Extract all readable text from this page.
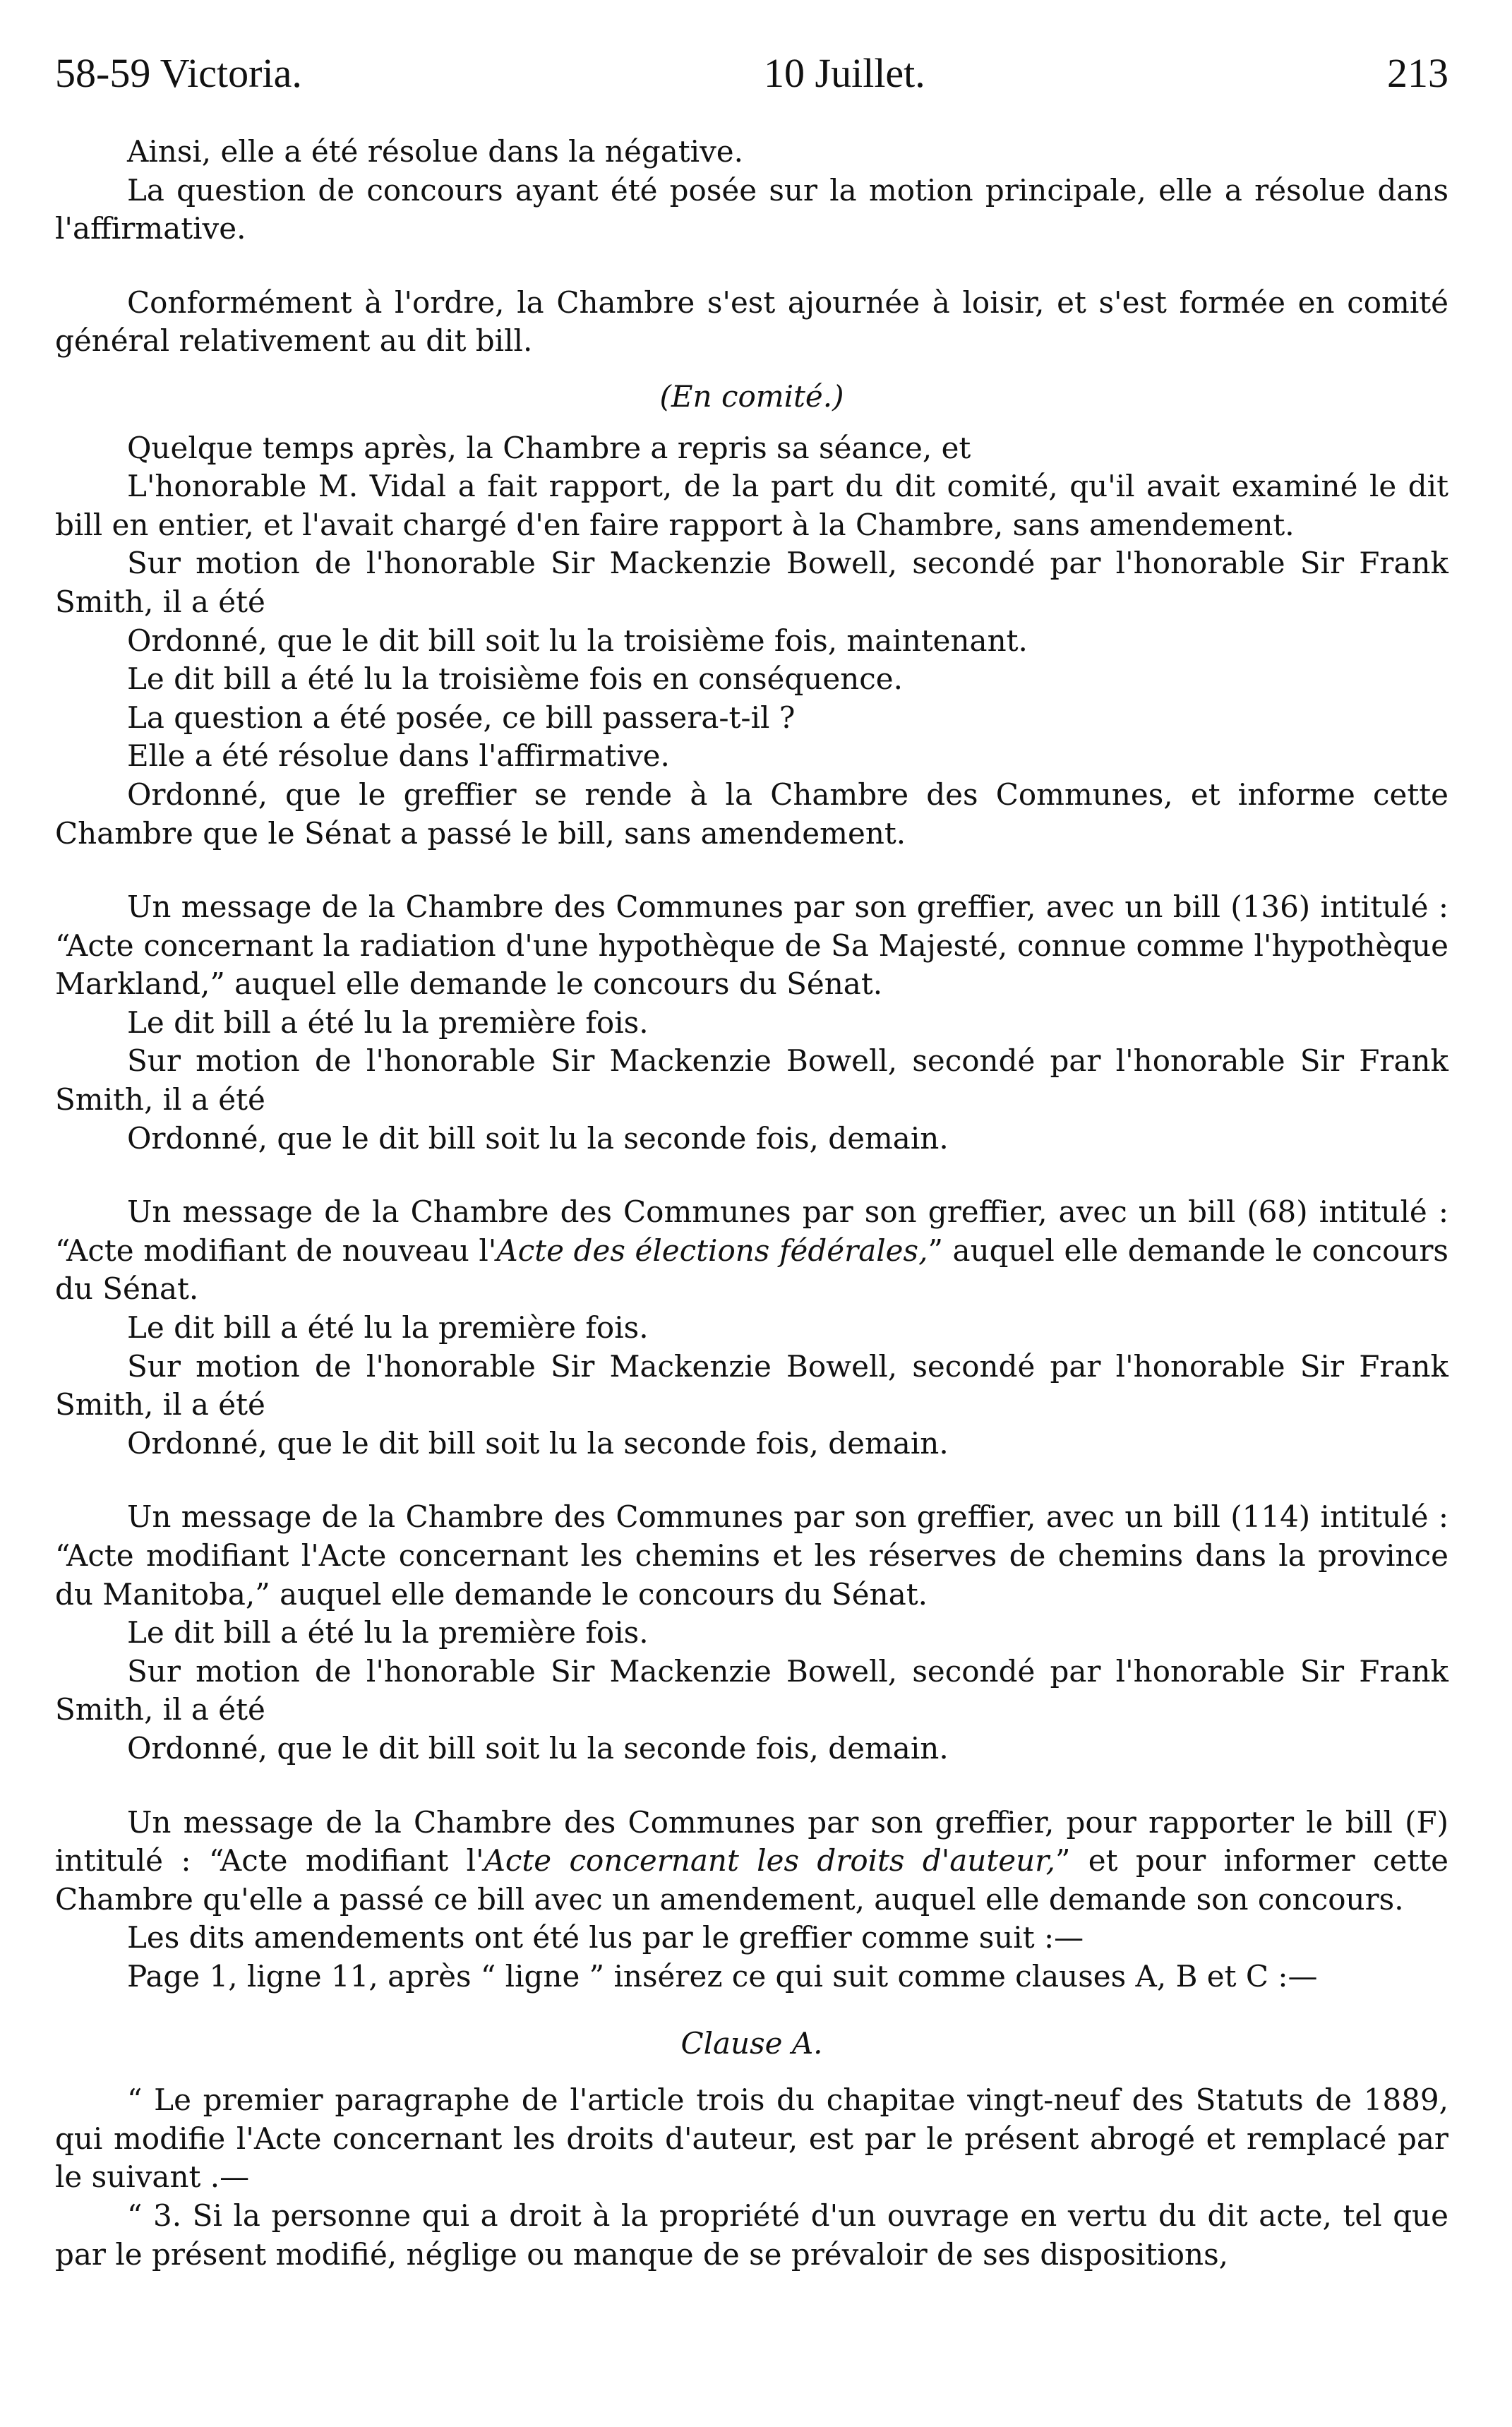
58-59 Victoria.	10 Juillet.	213

Ainsi, elle a été résolue dans la négative.

La question de concours ayant été posée sur la motion principale, elle a résolue dans l'affirmative.

Conformément à l'ordre, la Chambre s'est ajournée à loisir, et s'est formée en comité général relativement au dit bill.

(En comité.)

Quelque temps après, la Chambre a repris sa séance, et

L'honorable M. Vidal a fait rapport, de la part du dit comité, qu'il avait examiné le dit bill en entier, et l'avait chargé d'en faire rapport à la Chambre, sans amendement.

Sur motion de l'honorable Sir Mackenzie Bowell, secondé par l'honorable Sir Frank Smith, il a été

Ordonné, que le dit bill soit lu la troisième fois, maintenant.

Le dit bill a été lu la troisième fois en conséquence.

La question a été posée, ce bill passera-t-il ?

Elle a été résolue dans l'affirmative.

Ordonné, que le greffier se rende à la Chambre des Communes, et informe cette Chambre que le Sénat a passé le bill, sans amendement.

Un message de la Chambre des Communes par son greffier, avec un bill (136) intitulé : “Acte concernant la radiation d'une hypothèque de Sa Majesté, connue comme l'hypothèque Markland,” auquel elle demande le concours du Sénat.

Le dit bill a été lu la première fois.

Sur motion de l'honorable Sir Mackenzie Bowell, secondé par l'honorable Sir Frank Smith, il a été

Ordonné, que le dit bill soit lu la seconde fois, demain.

Un message de la Chambre des Communes par son greffier, avec un bill (68) intitulé : “Acte modifiant de nouveau l'Acte des élections fédérales,” auquel elle demande le concours du Sénat.

Le dit bill a été lu la première fois.

Sur motion de l'honorable Sir Mackenzie Bowell, secondé par l'honorable Sir Frank Smith, il a été

Ordonné, que le dit bill soit lu la seconde fois, demain.

Un message de la Chambre des Communes par son greffier, avec un bill (114) intitulé : “Acte modifiant l'Acte concernant les chemins et les réserves de chemins dans la province du Manitoba,” auquel elle demande le concours du Sénat.

Le dit bill a été lu la première fois.

Sur motion de l'honorable Sir Mackenzie Bowell, secondé par l'honorable Sir Frank Smith, il a été

Ordonné, que le dit bill soit lu la seconde fois, demain.

Un message de la Chambre des Communes par son greffier, pour rapporter le bill (F) intitulé : “Acte modifiant l'Acte concernant les droits d'auteur,” et pour informer cette Chambre qu'elle a passé ce bill avec un amendement, auquel elle demande son concours.

Les dits amendements ont été lus par le greffier comme suit :—

Page 1, ligne 11, après “ ligne ” insérez ce qui suit comme clauses A, B et C :—

Clause A.

“ Le premier paragraphe de l'article trois du chapitae vingt-neuf des Statuts de 1889, qui modifie l'Acte concernant les droits d'auteur, est par le présent abrogé et remplacé par le suivant .—

“ 3. Si la personne qui a droit à la propriété d'un ouvrage en vertu du dit acte, tel que par le présent modifié, néglige ou manque de se prévaloir de ses dispositions,
